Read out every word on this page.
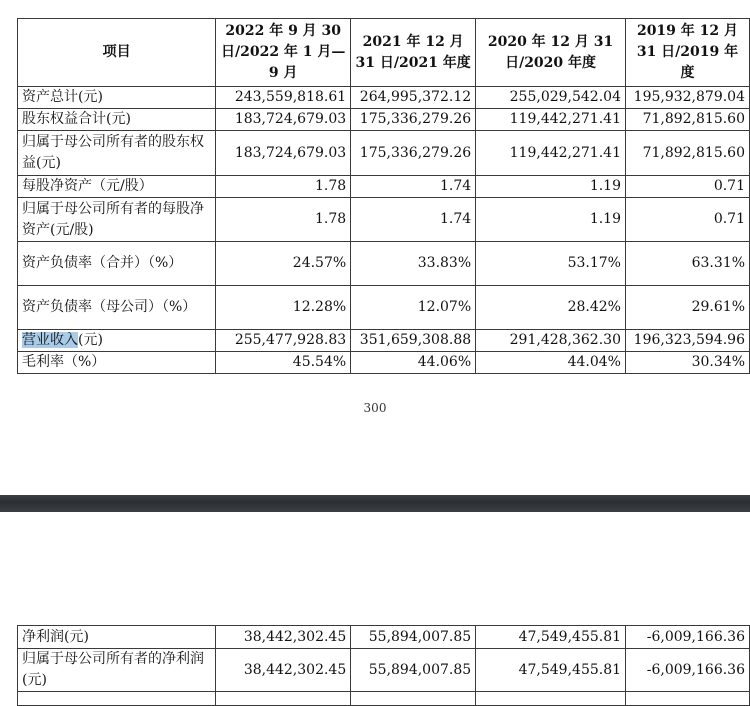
项目	2022 年 9 月 30 日/2022 年 1 月—9 月	2021 年 12 月 31 日/2021 年度	2020 年 12 月 31 日/2020 年度	2019 年 12 月 31 日/2019 年度
资产总计(元)	243,559,818.61	264,995,372.12	255,029,542.04	195,932,879.04
股东权益合计(元)	183,724,679.03	175,336,279.26	119,442,271.41	71,892,815.60
归属于母公司所有者的股东权益(元)	183,724,679.03	175,336,279.26	119,442,271.41	71,892,815.60
每股净资产（元/股）	1.78	1.74	1.19	0.71
归属于母公司所有者的每股净资产(元/股)	1.78	1.74	1.19	0.71
资产负债率（合并）（%）	24.57%	33.83%	53.17%	63.31%
资产负债率（母公司）（%）	12.28%	12.07%	28.42%	29.61%
营业收入(元)	255,477,928.83	351,659,308.88	291,428,362.30	196,323,594.96
毛利率（%）	45.54%	44.06%	44.04%	30.34%
300
净利润(元)	38,442,302.45	55,894,007.85	47,549,455.81	-6,009,166.36
归属于母公司所有者的净利润(元)	38,442,302.45	55,894,007.85	47,549,455.81	-6,009,166.36
